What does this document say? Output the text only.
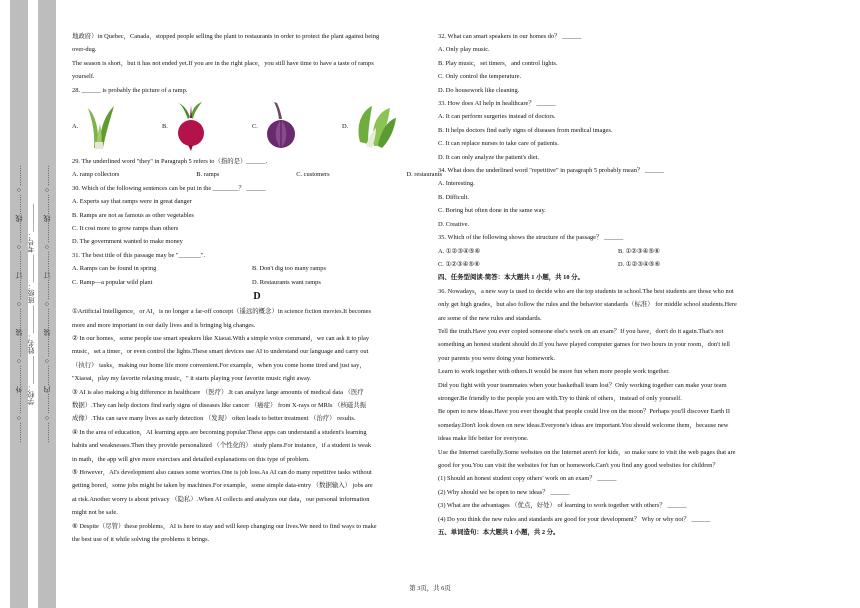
………○………外………○………装………○………订………○………线………○……… 学校：________ 姓名：________ 班级：________ 考号：________	………○………内………○………装………○………订………○………线………○………
地政府）in Quebec，Canada，stopped people selling the plant to restaurants in order to protect the plant against being
over-dug.
The season is short，but it has not ended yet.If you are in the right place，you still have time to have a taste of ramps
yourself.
28. ______ is probably the picture of a ramp.
A.	B.	C.	D.
29. The underlined word "they" in Paragraph 5 refers to（指的是）______.
A. ramp collectors	B. ramps	C. customers	D. restaurants
30. Which of the following sentences can be put in the ________？ ______
A. Experts say that ramps were in great danger
B. Ramps are not as famous as other vegetables
C. It cost more to grow ramps than others
D. The government wanted to make money
31. The best title of this passage may be "_______".
A. Ramps can be found in spring	B. Don't dig too many ramps
C. Ramp—a popular wild plant	D. Restaurants want ramps
D
①Artificial Intelligence，or AI，is no longer a far-off concept（遥远的概念）in science fiction movies.It becomes
more and more important in our daily lives and is bringing big changes.
② In our homes，some people use smart speakers like Xiaoai.With a simple voice command，we can ask it to play
music，set a timer，or even control the lights.These smart devices use AI to understand our language and carry out
（执行） tasks，making our home life more convenient.For example，when you come home tired and just say，
"Xiaoai，play my favorite relaxing music，" it starts playing your favorite music right away.
③ AI is also making a big difference in healthcare （医疗）.It can analyze large amounts of medical data （医疗
数据）.They can help doctors find early signs of diseases like cancer （癌症） from X-rays or MRIs （核磁共振
成像）.This can save many lives as early detection （发现） often leads to better treatment （治疗） results.
④ In the area of education，AI learning apps are becoming popular.These apps can understand a student's learning
habits and weaknesses.Then they provide personalized （个性化的） study plans.For instance，if a student is weak
in math，the app will give more exercises and detailed explanations on this type of problem.
⑤ However，AI's development also causes some worries.One is job loss.As AI can do many repetitive tasks without
getting bored，some jobs might be taken by machines.For example，some simple data-entry （数据输入） jobs are
at risk.Another worry is about privacy （隐私）.When AI collects and analyzes our data，our personal information
might not be safe.
⑥ Despite（尽管）these problems，AI is here to stay and will keep changing our lives.We need to find ways to make
the best use of it while solving the problems it brings.
32. What can smart speakers in our homes do？ ______
A. Only play music.
B. Play music，set timers，and control lights.
C. Only control the temperature.
D. Do housework like cleaning.
33. How does AI help in healthcare？ ______
A. It can perform surgeries instead of doctors.
B. It helps doctors find early signs of diseases from medical images.
C. It can replace nurses to take care of patients.
D. It can only analyze the patient's diet.
34. What does the underlined word "repetitive" in paragraph 5 probably mean？ ______
A. Interesting.
B. Difficult.
C. Boring but often done in the same way.
D. Creative.
35. Which of the following shows the structure of the passage？ ______
A. ①②③④⑤⑥	B. ①②③④⑤⑥
C. ①②③④⑤⑥	D. ①②③④⑤⑥
四、任务型阅读-简答：本大题共 1 小题，共 10 分。
36. Nowadays，a new way is used to decide who are the top students in school.The best students are those who not
only get high grades，but also follow the rules and the behavior standards（标准） for middle school students.Here
are some of the new rules and standards.
Tell the truth.Have you ever copied someone else's work on an exam？If you have，don't do it again.That's not
something an honest student should do.If you have played computer games for two hours in your room，don't tell
your parents you were doing your homework.
Learn to work together with others.It would be more fun when more people work together.
Did you fight with your teammates when your basketball team lost？Only working together can make your team
stronger.Be friendly to the people you are with.Try to think of others，instead of only yourself.
Be open to new ideas.Have you ever thought that people could live on the moon？Perhaps you'll discover Earth II
someday.Don't look down on new ideas.Everyone's ideas are important.You should welcome them，because new
ideas make life better for everyone.
Use the Internet carefully.Some websites on the Internet aren't for kids，so make sure to visit the web pages that are
good for you.You can visit the websites for fun or homework.Can't you find any good websites for children？
(1) Should an honest student copy others' work on an exam？ ______
(2) Why should we be open to new ideas？ ______
(3) What are the advantages （优点，好处） of learning to work together with others？ ______
(4) Do you think the new rules and standards are good for your development？ Why or why not？ ______
五、单词造句：本大题共 1 小题，共 2 分。
第 3页，共 6页
